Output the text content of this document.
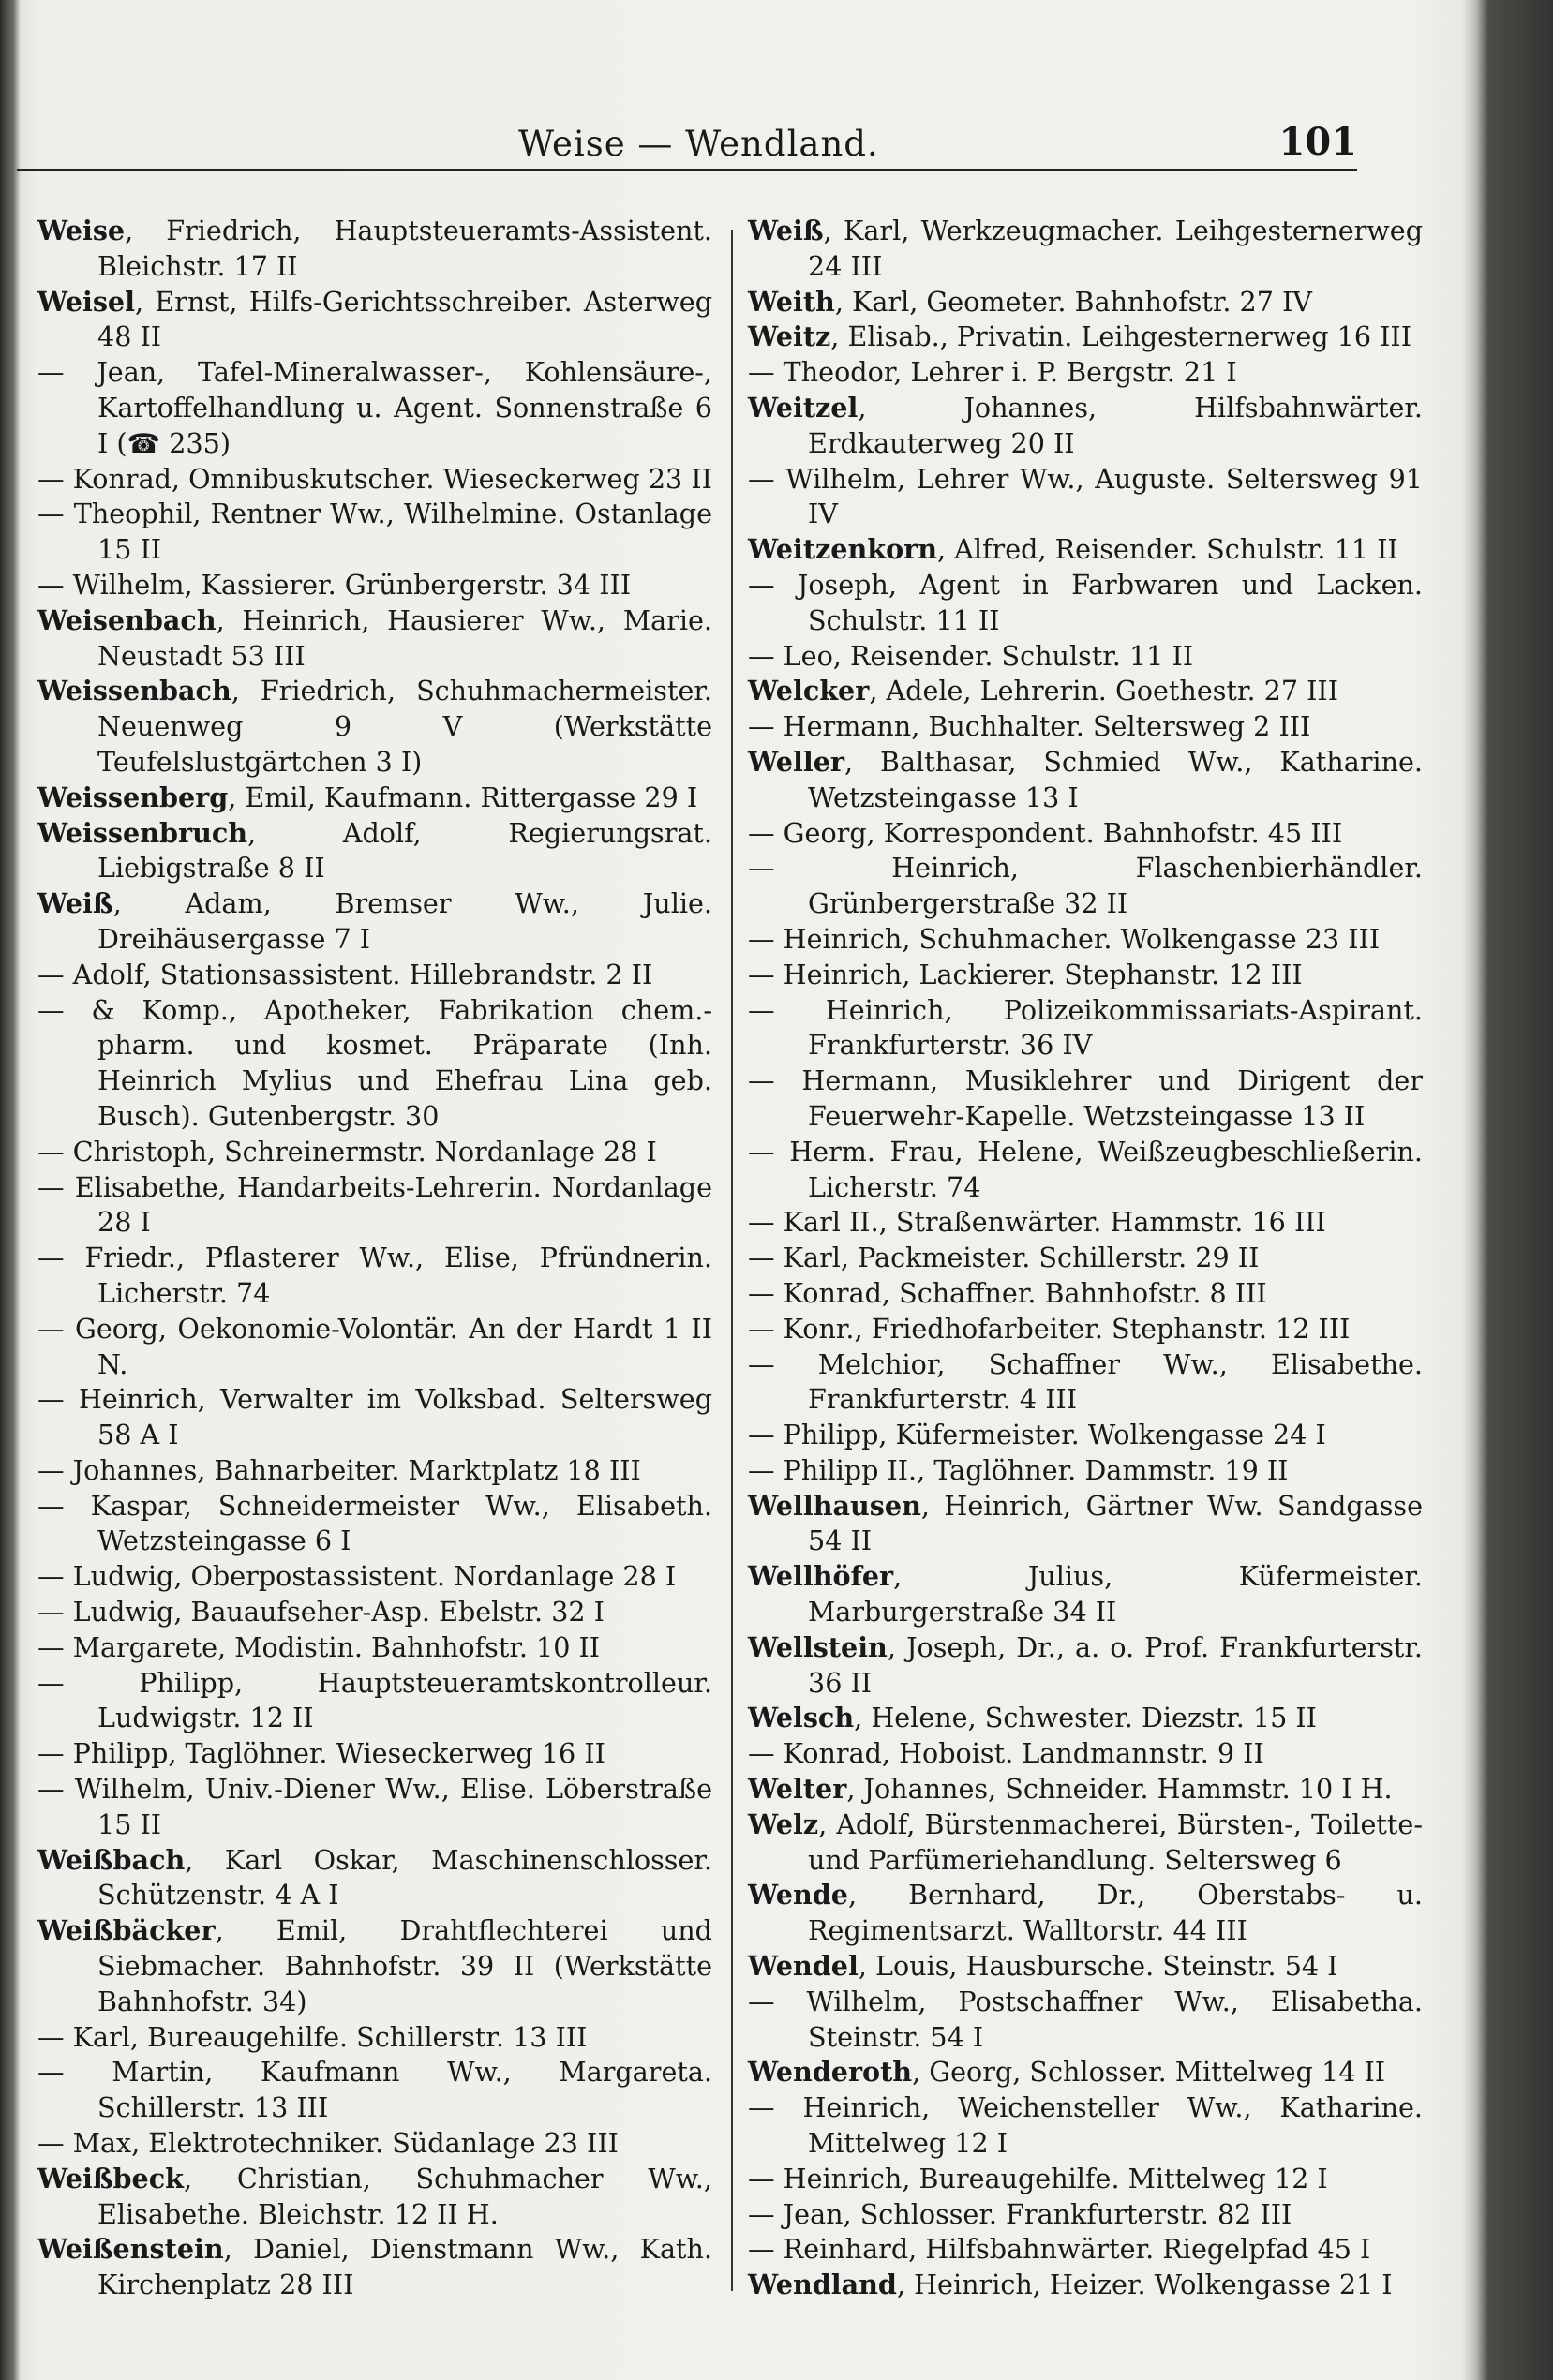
Weise — Wendland.	101

Weise, Friedrich, Hauptsteueramts-Assistent. Bleichstr. 17 II

Weisel, Ernst, Hilfs-Gerichtsschreiber. Asterweg 48 II

— Jean, Tafel-Mineralwasser-, Kohlensäure-, Kartoffelhandlung u. Agent. Sonnenstraße 6 I (☎ 235)

— Konrad, Omnibuskutscher. Wieseckerweg 23 II

— Theophil, Rentner Ww., Wilhelmine. Ostanlage 15 II

— Wilhelm, Kassierer. Grünbergerstr. 34 III

Weisenbach, Heinrich, Hausierer Ww., Marie. Neustadt 53 III

Weissenbach, Friedrich, Schuhmachermeister. Neuenweg 9 V (Werkstätte Teufelslustgärtchen 3 I)

Weissenberg, Emil, Kaufmann. Rittergasse 29 I

Weissenbruch, Adolf, Regierungsrat. Liebigstraße 8 II

Weiß, Adam, Bremser Ww., Julie. Dreihäusergasse 7 I

— Adolf, Stationsassistent. Hillebrandstr. 2 II

— & Komp., Apotheker, Fabrikation chem.-pharm. und kosmet. Präparate (Inh. Heinrich Mylius und Ehefrau Lina geb. Busch). Gutenbergstr. 30

— Christoph, Schreinermstr. Nordanlage 28 I

— Elisabethe, Handarbeits-Lehrerin. Nordanlage 28 I

— Friedr., Pflasterer Ww., Elise, Pfründnerin. Licherstr. 74

— Georg, Oekonomie-Volontär. An der Hardt 1 II N.

— Heinrich, Verwalter im Volksbad. Seltersweg 58 A I

— Johannes, Bahnarbeiter. Marktplatz 18 III

— Kaspar, Schneidermeister Ww., Elisabeth. Wetzsteingasse 6 I

— Ludwig, Oberpostassistent. Nordanlage 28 I

— Ludwig, Bauaufseher-Asp. Ebelstr. 32 I

— Margarete, Modistin. Bahnhofstr. 10 II

— Philipp, Hauptsteueramtskontrolleur. Ludwigstr. 12 II

— Philipp, Taglöhner. Wieseckerweg 16 II

— Wilhelm, Univ.-Diener Ww., Elise. Löberstraße 15 II

Weißbach, Karl Oskar, Maschinenschlosser. Schützenstr. 4 A I

Weißbäcker, Emil, Drahtflechterei und Siebmacher. Bahnhofstr. 39 II (Werkstätte Bahnhofstr. 34)

— Karl, Bureaugehilfe. Schillerstr. 13 III

— Martin, Kaufmann Ww., Margareta. Schillerstr. 13 III

— Max, Elektrotechniker. Südanlage 23 III

Weißbeck, Christian, Schuhmacher Ww., Elisabethe. Bleichstr. 12 II H.

Weißenstein, Daniel, Dienstmann Ww., Kath. Kirchenplatz 28 III

Weiß, Karl, Werkzeugmacher. Leihgesternerweg 24 III

Weith, Karl, Geometer. Bahnhofstr. 27 IV

Weitz, Elisab., Privatin. Leihgesternerweg 16 III

— Theodor, Lehrer i. P. Bergstr. 21 I

Weitzel, Johannes, Hilfsbahnwärter. Erdkauterweg 20 II

— Wilhelm, Lehrer Ww., Auguste. Seltersweg 91 IV

Weitzenkorn, Alfred, Reisender. Schulstr. 11 II

— Joseph, Agent in Farbwaren und Lacken. Schulstr. 11 II

— Leo, Reisender. Schulstr. 11 II

Welcker, Adele, Lehrerin. Goethestr. 27 III

— Hermann, Buchhalter. Seltersweg 2 III

Weller, Balthasar, Schmied Ww., Katharine. Wetzsteingasse 13 I

— Georg, Korrespondent. Bahnhofstr. 45 III

— Heinrich, Flaschenbierhändler. Grünbergerstraße 32 II

— Heinrich, Schuhmacher. Wolkengasse 23 III

— Heinrich, Lackierer. Stephanstr. 12 III

— Heinrich, Polizeikommissariats-Aspirant. Frankfurterstr. 36 IV

— Hermann, Musiklehrer und Dirigent der Feuerwehr-Kapelle. Wetzsteingasse 13 II

— Herm. Frau, Helene, Weißzeugbeschließerin. Licherstr. 74

— Karl II., Straßenwärter. Hammstr. 16 III

— Karl, Packmeister. Schillerstr. 29 II

— Konrad, Schaffner. Bahnhofstr. 8 III

— Konr., Friedhofarbeiter. Stephanstr. 12 III

— Melchior, Schaffner Ww., Elisabethe. Frankfurterstr. 4 III

— Philipp, Küfermeister. Wolkengasse 24 I

— Philipp II., Taglöhner. Dammstr. 19 II

Wellhausen, Heinrich, Gärtner Ww. Sandgasse 54 II

Wellhöfer, Julius, Küfermeister. Marburgerstraße 34 II

Wellstein, Joseph, Dr., a. o. Prof. Frankfurterstr. 36 II

Welsch, Helene, Schwester. Diezstr. 15 II

— Konrad, Hoboist. Landmannstr. 9 II

Welter, Johannes, Schneider. Hammstr. 10 I H.

Welz, Adolf, Bürstenmacherei, Bürsten-, Toilette- und Parfümeriehandlung. Seltersweg 6

Wende, Bernhard, Dr., Oberstabs- u. Regimentsarzt. Walltorstr. 44 III

Wendel, Louis, Hausbursche. Steinstr. 54 I

— Wilhelm, Postschaffner Ww., Elisabetha. Steinstr. 54 I

Wenderoth, Georg, Schlosser. Mittelweg 14 II

— Heinrich, Weichensteller Ww., Katharine. Mittelweg 12 I

— Heinrich, Bureaugehilfe. Mittelweg 12 I

— Jean, Schlosser. Frankfurterstr. 82 III

— Reinhard, Hilfsbahnwärter. Riegelpfad 45 I

Wendland, Heinrich, Heizer. Wolkengasse 21 I
